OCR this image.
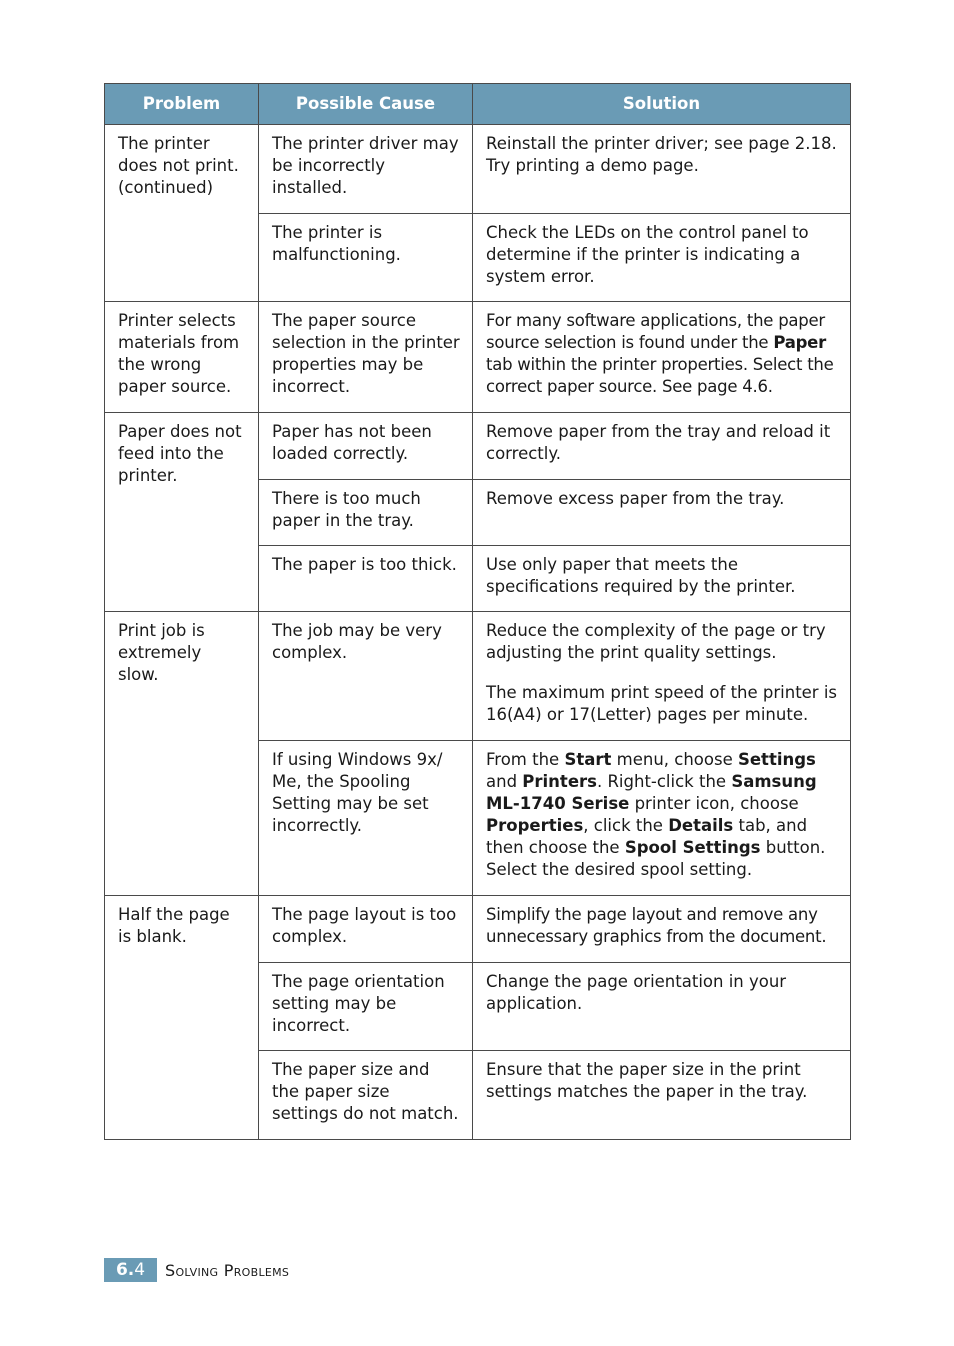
Problem	Possible Cause	Solution

The printer does not print. (continued)	The printer driver may be incorrectly installed.	Reinstall the printer driver; see page 2.18. Try printing a demo page.

	The printer is malfunctioning.	Check the LEDs on the control panel to determine if the printer is indicating a system error.

Printer selects materials from the wrong paper source.	The paper source selection in the printer properties may be incorrect.	For many software applications, the paper source selection is found under the Paper tab within the printer properties. Select the correct paper source. See page 4.6.

Paper does not feed into the printer.	Paper has not been loaded correctly.	Remove paper from the tray and reload it correctly.

	There is too much paper in the tray.	Remove excess paper from the tray.

	The paper is too thick.	Use only paper that meets the specifications required by the printer.

Print job is extremely slow.	The job may be very complex.	Reduce the complexity of the page or try adjusting the print quality settings.

The maximum print speed of the printer is 16(A4) or 17(Letter) pages per minute.

	If using Windows 9x/ Me, the Spooling Setting may be set incorrectly.	From the Start menu, choose Settings and Printers. Right-click the Samsung ML-1740 Serise printer icon, choose Properties, click the Details tab, and then choose the Spool Settings button. Select the desired spool setting.

Half the page is blank.	The page layout is too complex.	Simplify the page layout and remove any unnecessary graphics from the document.

	The page orientation setting may be incorrect.	Change the page orientation in your application.

	The paper size and the paper size settings do not match.	Ensure that the paper size in the print settings matches the paper in the tray.

6. 4 Solving Problems
